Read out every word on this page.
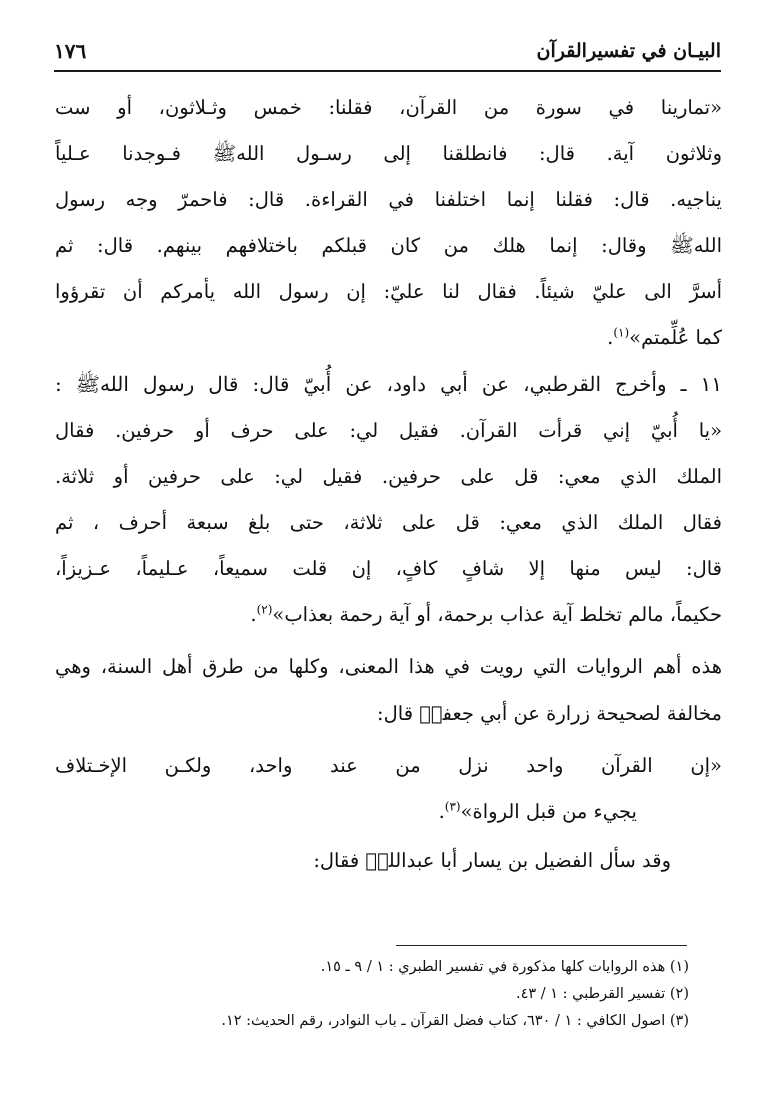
البيـان في تفسيرالقرآن
١٧٦
«تمارينا في سورة من القرآن، فقلنا: خمس وثـلاثون، أو ست
وثلاثون آية. قال: فانطلقنا إلى رسـول اللهﷺ فـوجدنا عـلياً
يناجيه. قال: فقلنا إنما اختلفنا في القراءة. قال: فاحمرّ وجه رسول
اللهﷺ وقال: إنما هلك من كان قبلكم باختلافهم بينهم. قال: ثم
أسرَّ الى عليّ شيئاً. فقال لنا عليّ: إن رسول الله يأمركم أن تقرؤوا
كما عُلِّمتم»$^{(١)}$.
١١ ـ وأخرج القرطبي، عن أبي داود، عن أُبيّ قال: قال رسول اللهﷺ :
«يا أُبيّ إني قرأت القرآن. فقيل لي: على حرف أو حرفين. فقال
الملك الذي معي: قل على حرفين. فقيل لي: على حرفين أو ثلاثة.
فقال الملك الذي معي: قل على ثلاثة، حتى بلغ سبعة أحرف ، ثم
قال: ليس منها إلا شافٍ كافٍ، إن قلت سميعاً، عـليماً، عـزيزاً،
حكيماً، مالم تخلط آية عذاب برحمة، أو آية رحمة بعذاب»$^{(٢)}$.
هذه أهم الروايات التي رويت في هذا المعنى، وكلها من طرق أهل السنة، وهي
مخالفة لصحيحة زرارة عن أبي جعفرؑ قال:
«إن القرآن واحد نزل من عند واحد، ولكـن الإخـتلاف
يجيء من قبل الرواة»$^{(٣)}$.
وقد سأل الفضيل بن يسار أبا عبداللهؑ فقال:
(١) هذه الروايات كلها مذكورة في تفسير الطبري : ١ / ٩ ـ ١٥.
(٢) تفسير القرطبي : ١ / ٤٣.
(٣) اصول الكافي : ١ / ٦٣٠، كتاب فضل القرآن ـ باب النوادر، رقم الحديث: ١٢.
